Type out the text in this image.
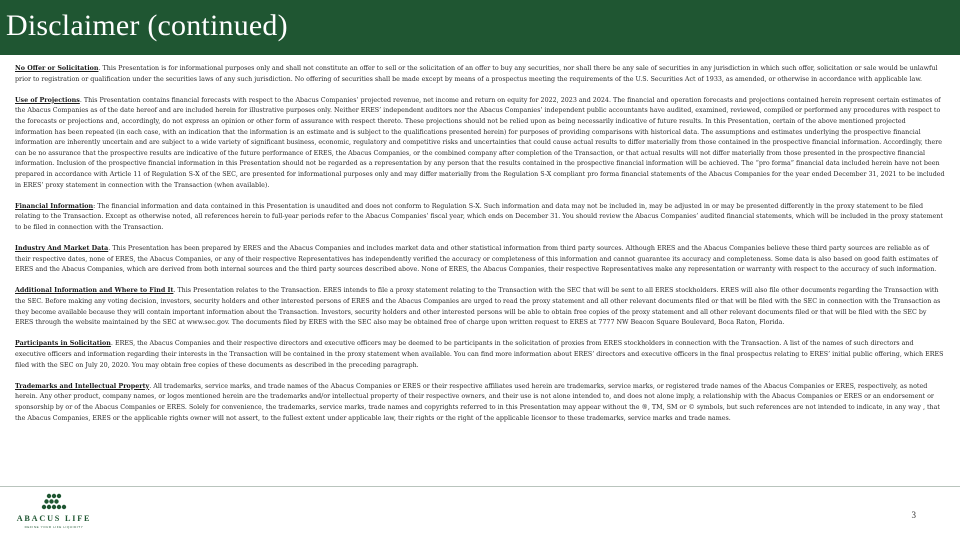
Disclaimer (continued)

No Offer or Solicitation. This Presentation is for informational purposes only and shall not constitute an offer to sell or the solicitation of an offer to buy any securities, nor shall there be any sale of securities in any jurisdiction in which such offer, solicitation or sale would be unlawful prior to registration or qualification under the securities laws of any such jurisdiction. No offering of securities shall be made except by means of a prospectus meeting the requirements of the U.S. Securities Act of 1933, as amended, or otherwise in accordance with applicable law.

Use of Projections. This Presentation contains financial forecasts with respect to the Abacus Companies’ projected revenue, net income and return on equity for 2022, 2023 and 2024. The financial and operation forecasts and projections contained herein represent certain estimates of the Abacus Companies as of the date hereof and are included herein for illustrative purposes only. Neither ERES’ independent auditors nor the Abacus Companies’ independent public accountants have audited, examined, reviewed, compiled or performed any procedures with respect to the forecasts or projections and, accordingly, do not express an opinion or other form of assurance with respect thereto. These projections should not be relied upon as being necessarily indicative of future results. In this Presentation, certain of the above mentioned projected information has been repeated (in each case, with an indication that the information is an estimate and is subject to the qualifications presented herein) for purposes of providing comparisons with historical data. The assumptions and estimates underlying the prospective financial information are inherently uncertain and are subject to a wide variety of significant business, economic, regulatory and competitive risks and uncertainties that could cause actual results to differ materially from those contained in the prospective financial information. Accordingly, there can be no assurance that the prospective results are indicative of the future performance of ERES, the Abacus Companies, or the combined company after completion of the Transaction, or that actual results will not differ materially from those presented in the prospective financial information. Inclusion of the prospective financial information in this Presentation should not be regarded as a representation by any person that the results contained in the prospective financial information will be achieved. The “pro forma” financial data included herein have not been prepared in accordance with Article 11 of Regulation S-X of the SEC, are presented for informational purposes only and may differ materially from the Regulation S-X compliant pro forma financial statements of the Abacus Companies for the year ended December 31, 2021 to be included in ERES’ proxy statement in connection with the Transaction (when available).

Financial Information: The financial information and data contained in this Presentation is unaudited and does not conform to Regulation S-X. Such information and data may not be included in, may be adjusted in or may be presented differently in the proxy statement to be filed relating to the Transaction. Except as otherwise noted, all references herein to full-year periods refer to the Abacus Companies’ fiscal year, which ends on December 31. You should review the Abacus Companies’ audited financial statements, which will be included in the proxy statement to be filed in connection with the Transaction.

Industry And Market Data. This Presentation has been prepared by ERES and the Abacus Companies and includes market data and other statistical information from third party sources. Although ERES and the Abacus Companies believe these third party sources are reliable as of their respective dates, none of ERES, the Abacus Companies, or any of their respective Representatives has independently verified the accuracy or completeness of this information and cannot guarantee its accuracy and completeness. Some data is also based on good faith estimates of ERES and the Abacus Companies, which are derived from both internal sources and the third party sources described above. None of ERES, the Abacus Companies, their respective Representatives make any representation or warranty with respect to the accuracy of such information.

Additional Information and Where to Find It. This Presentation relates to the Transaction. ERES intends to file a proxy statement relating to the Transaction with the SEC that will be sent to all ERES stockholders. ERES will also file other documents regarding the Transaction with the SEC. Before making any voting decision, investors, security holders and other interested persons of ERES and the Abacus Companies are urged to read the proxy statement and all other relevant documents filed or that will be filed with the SEC in connection with the Transaction as they become available because they will contain important information about the Transaction. Investors, security holders and other interested persons will be able to obtain free copies of the proxy statement and all other relevant documents filed or that will be filed with the SEC by ERES through the website maintained by the SEC at www.sec.gov. The documents filed by ERES with the SEC also may be obtained free of charge upon written request to ERES at 7777 NW Beacon Square Boulevard, Boca Raton, Florida.

Participants in Solicitation. ERES, the Abacus Companies and their respective directors and executive officers may be deemed to be participants in the solicitation of proxies from ERES stockholders in connection with the Transaction. A list of the names of such directors and executive officers and information regarding their interests in the Transaction will be contained in the proxy statement when available. You can find more information about ERES’ directors and executive officers in the final prospectus relating to ERES’ initial public offering, which ERES filed with the SEC on July 20, 2020. You may obtain free copies of these documents as described in the preceding paragraph.

Trademarks and Intellectual Property. All trademarks, service marks, and trade names of the Abacus Companies or ERES or their respective affiliates used herein are trademarks, service marks, or registered trade names of the Abacus Companies or ERES, respectively, as noted herein. Any other product, company names, or logos mentioned herein are the trademarks and/or intellectual property of their respective owners, and their use is not alone intended to, and does not alone imply, a relationship with the Abacus Companies or ERES or an endorsement or sponsorship by or of the Abacus Companies or ERES. Solely for convenience, the trademarks, service marks, trade names and copyrights referred to in this Presentation may appear without the ®, TM, SM or © symbols, but such references are not intended to indicate, in any way , that the Abacus Companies, ERES or the applicable rights owner will not assert, to the fullest extent under applicable law, their rights or the right of the applicable licensor to these trademarks, service marks and trade names.

ABACUS LIFE
DEFINE YOUR LIFE LIQUIDITY
3
